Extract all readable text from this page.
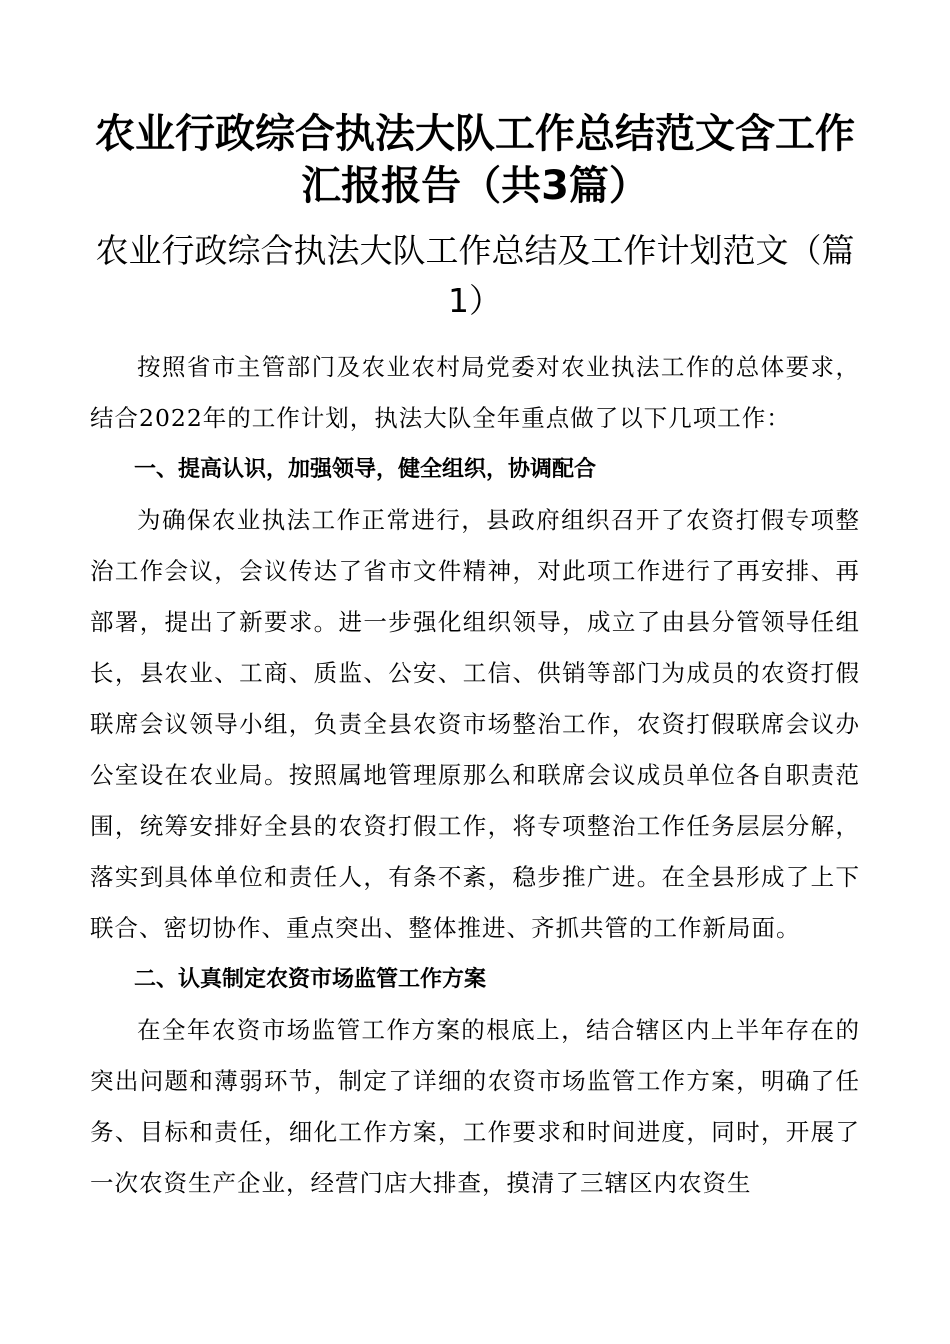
农业行政综合执法大队工作总结范文含工作汇报报告（共3篇）
农业行政综合执法大队工作总结及工作计划范文（篇1）

按照省市主管部门及农业农村局党委对农业执法工作的总体要求，结合2022年的工作计划，执法大队全年重点做了以下几项工作：

一、提高认识，加强领导，健全组织，协调配合

为确保农业执法工作正常进行，县政府组织召开了农资打假专项整治工作会议，会议传达了省市文件精神，对此项工作进行了再安排、再部署，提出了新要求。进一步强化组织领导，成立了由县分管领导任组长，县农业、工商、质监、公安、工信、供销等部门为成员的农资打假联席会议领导小组，负责全县农资市场整治工作，农资打假联席会议办公室设在农业局。按照属地管理原那么和联席会议成员单位各自职责范围，统筹安排好全县的农资打假工作，将专项整治工作任务层层分解，落实到具体单位和责任人，有条不紊，稳步推广进。在全县形成了上下联合、密切协作、重点突出、整体推进、齐抓共管的工作新局面。

二、认真制定农资市场监管工作方案

在全年农资市场监管工作方案的根底上，结合辖区内上半年存在的突出问题和薄弱环节，制定了详细的农资市场监管工作方案，明确了任务、目标和责任，细化工作方案，工作要求和时间进度，同时，开展了一次农资生产企业，经营门店大排查，摸清了三辖区内农资生
